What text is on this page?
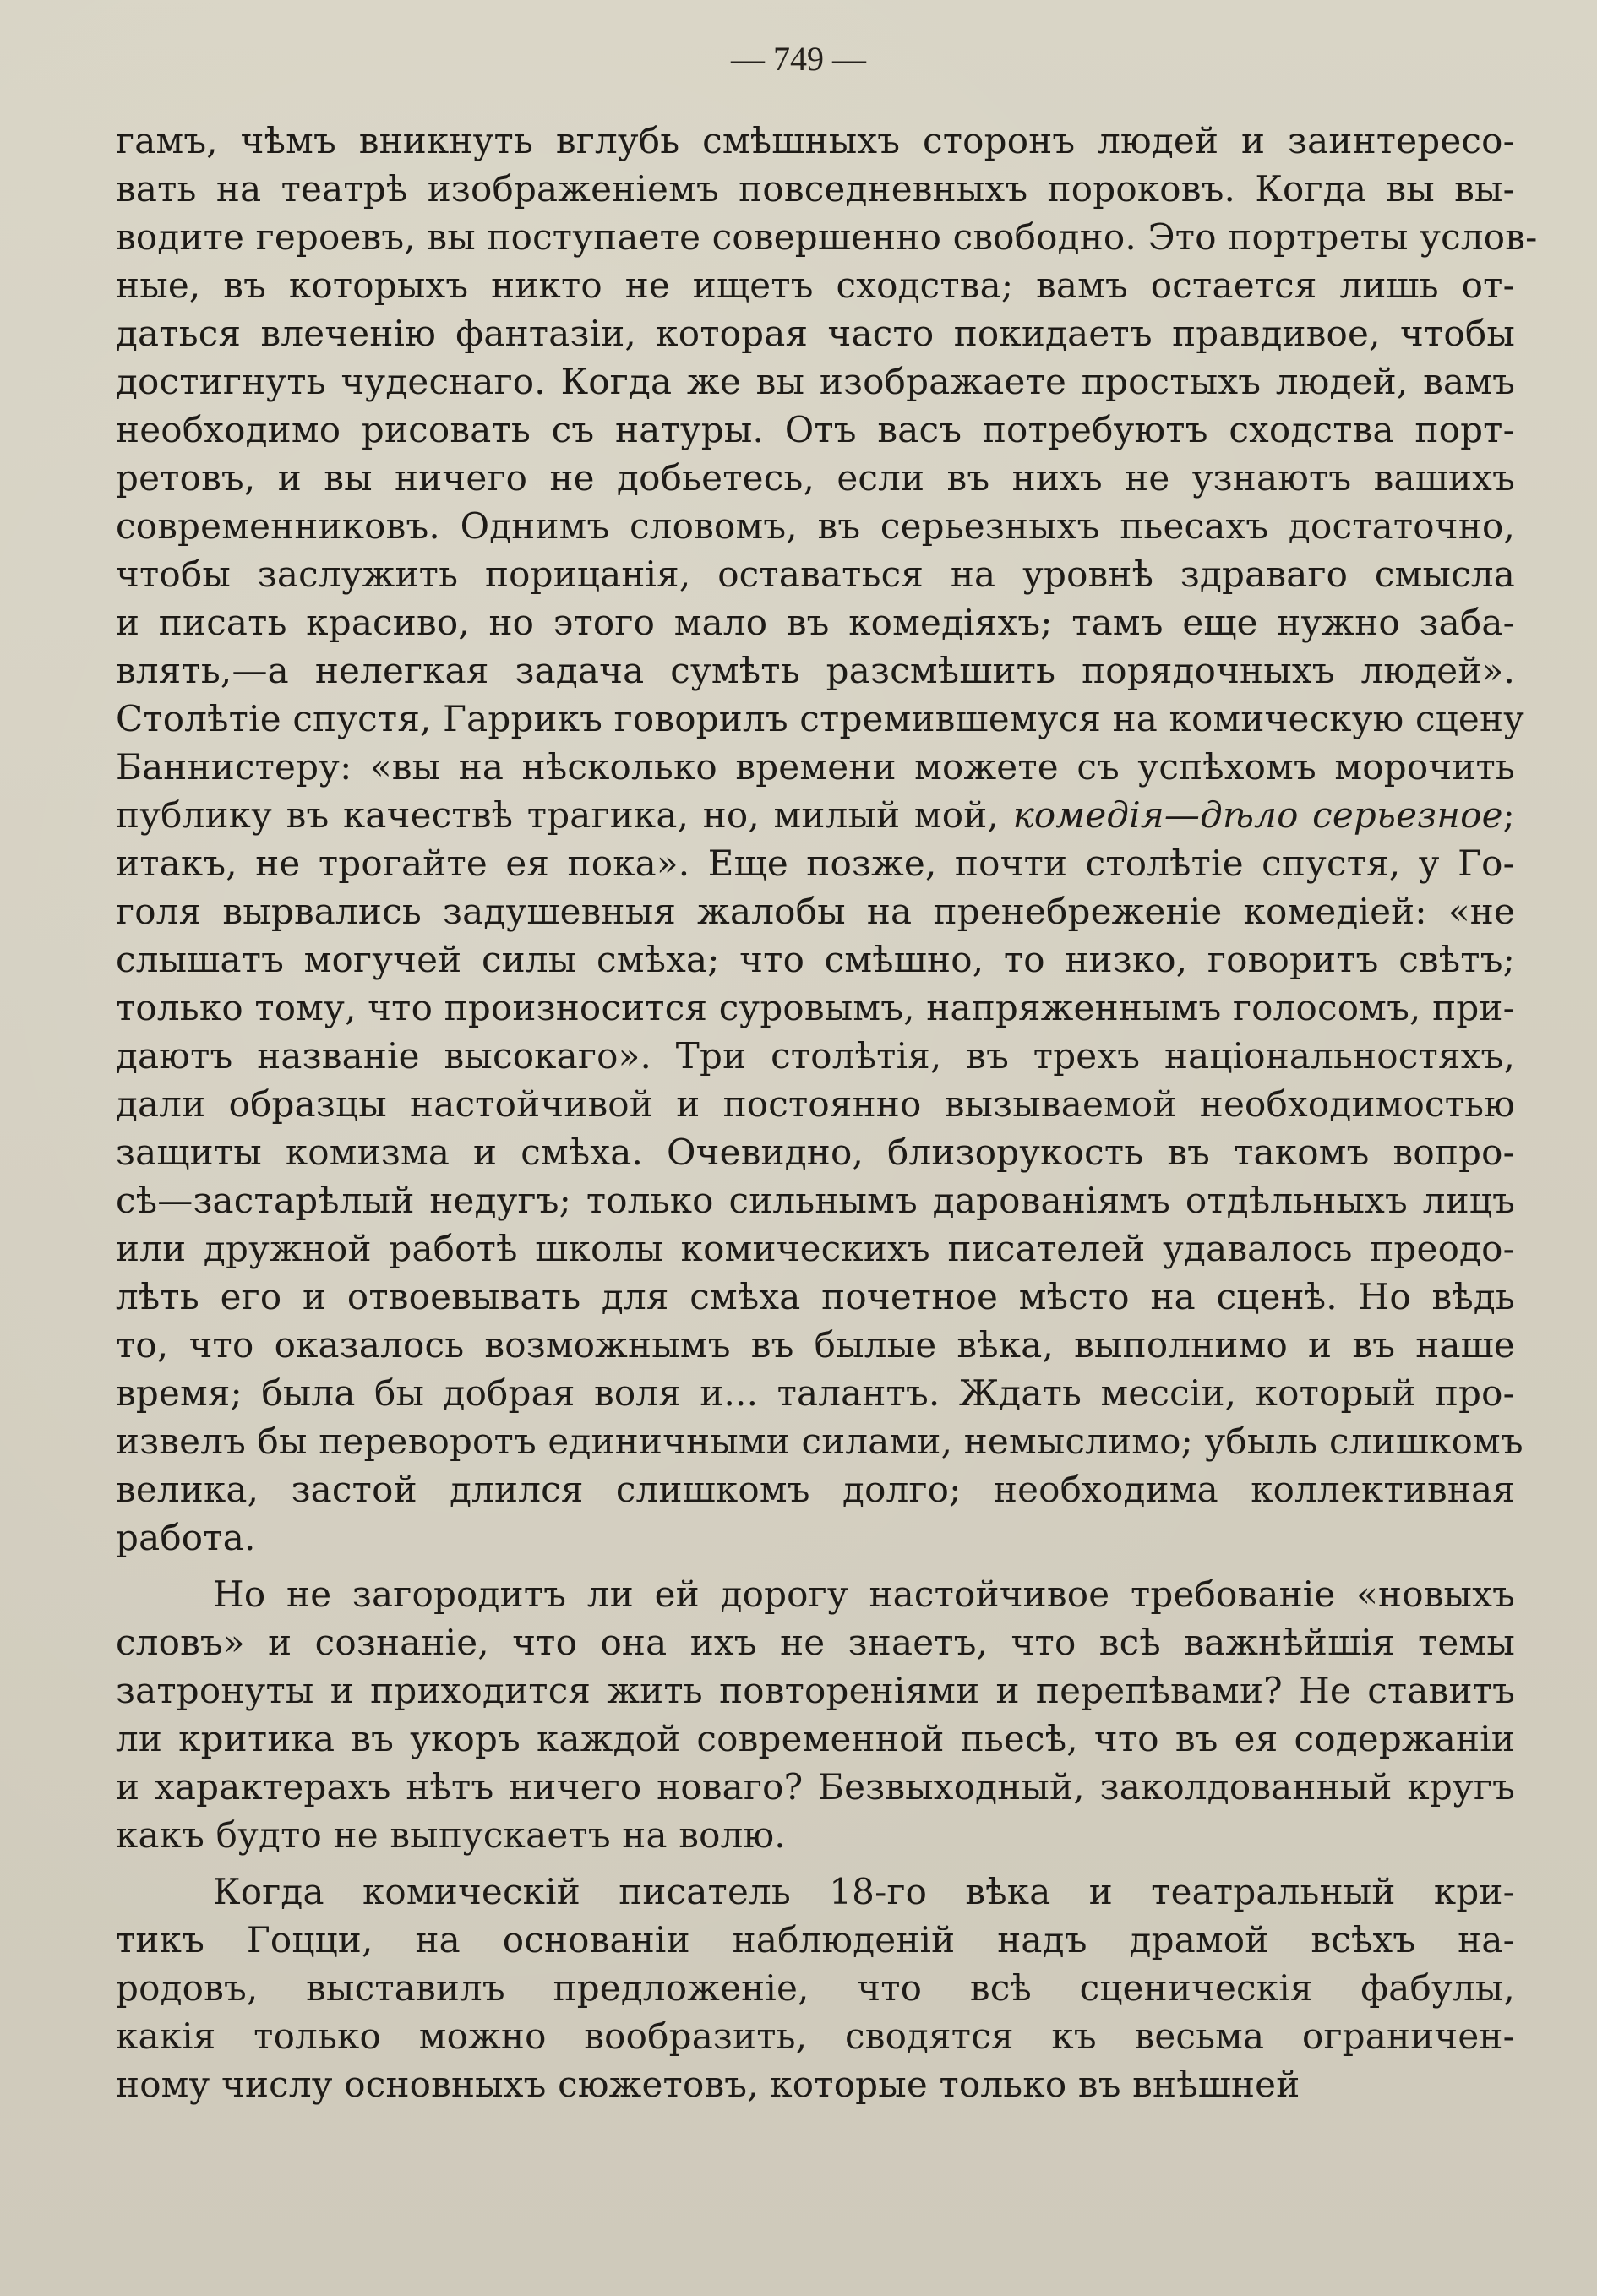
— 749 —
гамъ, чѣмъ вникнуть вглубь смѣшныхъ сторонъ людей и заинтересо-
вать на театрѣ изображеніемъ повседневныхъ пороковъ. Когда вы вы-
водите героевъ, вы поступаете совершенно свободно. Это портреты услов-
ные, въ которыхъ никто не ищетъ сходства; вамъ остается лишь от-
даться влеченію фантазіи, которая часто покидаетъ правдивое, чтобы
достигнуть чудеснаго. Когда же вы изображаете простыхъ людей, вамъ
необходимо рисовать съ натуры. Отъ васъ потребуютъ сходства порт-
ретовъ, и вы ничего не добьетесь, если въ нихъ не узнаютъ вашихъ
современниковъ. Однимъ словомъ, въ серьезныхъ пьесахъ достаточно,
чтобы заслужить порицанія, оставаться на уровнѣ здраваго смысла
и писать красиво, но этого мало въ комедіяхъ; тамъ еще нужно заба-
влять,—а нелегкая задача сумѣть разсмѣшить порядочныхъ людей».
Столѣтіе спустя, Гаррикъ говорилъ стремившемуся на комическую сцену
Баннистеру: «вы на нѣсколько времени можете съ успѣхомъ морочить
публику въ качествѣ трагика, но, милый мой, комедія—дѣло серьезное;
итакъ, не трогайте ея пока». Еще позже, почти столѣтіе спустя, у Го-
голя вырвались задушевныя жалобы на пренебреженіе комедіей: «не
слышатъ могучей силы смѣха; что смѣшно, то низко, говоритъ свѣтъ;
только тому, что произносится суровымъ, напряженнымъ голосомъ, при-
даютъ названіе высокаго». Три столѣтія, въ трехъ національностяхъ,
дали образцы настойчивой и постоянно вызываемой необходимостью
защиты комизма и смѣха. Очевидно, близорукость въ такомъ вопро-
сѣ—застарѣлый недугъ; только сильнымъ дарованіямъ отдѣльныхъ лицъ
или дружной работѣ школы комическихъ писателей удавалось преодо-
лѣть его и отвоевывать для смѣха почетное мѣсто на сценѣ. Но вѣдь
то, что оказалось возможнымъ въ былые вѣка, выполнимо и въ наше
время; была бы добрая воля и... талантъ. Ждать мессіи, который про-
извелъ бы переворотъ единичными силами, немыслимо; убыль слишкомъ
велика, застой длился слишкомъ долго; необходима коллективная
работа.
Но не загородитъ ли ей дорогу настойчивое требованіе «новыхъ
словъ» и сознаніе, что она ихъ не знаетъ, что всѣ важнѣйшія темы
затронуты и приходится жить повтореніями и перепѣвами? Не ставитъ
ли критика въ укоръ каждой современной пьесѣ, что въ ея содержаніи
и характерахъ нѣтъ ничего новаго? Безвыходный, заколдованный кругъ
какъ будто не выпускаетъ на волю.
Когда комическій писатель 18-го вѣка и театральный кри-
тикъ Гоцци, на основаніи наблюденій надъ драмой всѣхъ на-
родовъ, выставилъ предложеніе, что всѣ сценическія фабулы,
какія только можно вообразить, сводятся къ весьма ограничен-
ному числу основныхъ сюжетовъ, которые только въ внѣшней
